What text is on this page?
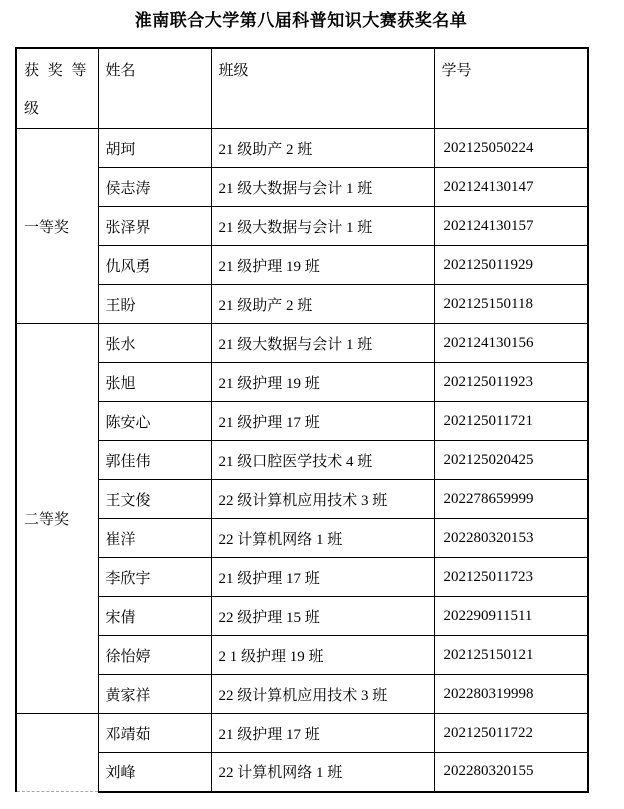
淮南联合大学第八届科普知识大赛获奖名单
获 奖 等
级	姓名	班级	学号
一等奖	胡珂	21 级助产 2 班	202125050224
	侯志涛	21 级大数据与会计 1 班	202124130147
	张泽界	21 级大数据与会计 1 班	202124130157
	仇风勇	21 级护理 19 班	202125011929
	王盼	21 级助产 2 班	202125150118
二等奖	张水	21 级大数据与会计 1 班	202124130156
	张旭	21 级护理 19 班	202125011923
	陈安心	21 级护理 17 班	202125011721
	郭佳伟	21 级口腔医学技术 4 班	202125020425
	王文俊	22 级计算机应用技术 3 班	202278659999
	崔洋	22 计算机网络 1 班	202280320153
	李欣宇	21 级护理 17 班	202125011723
	宋倩	22 级护理 15 班	202290911511
	徐怡婷	2 1 级护理 19 班	202125150121
	黄家祥	22 级计算机应用技术 3 班	202280319998
	邓靖茹	21 级护理 17 班	202125011722
	刘峰	22 计算机网络 1 班	202280320155
